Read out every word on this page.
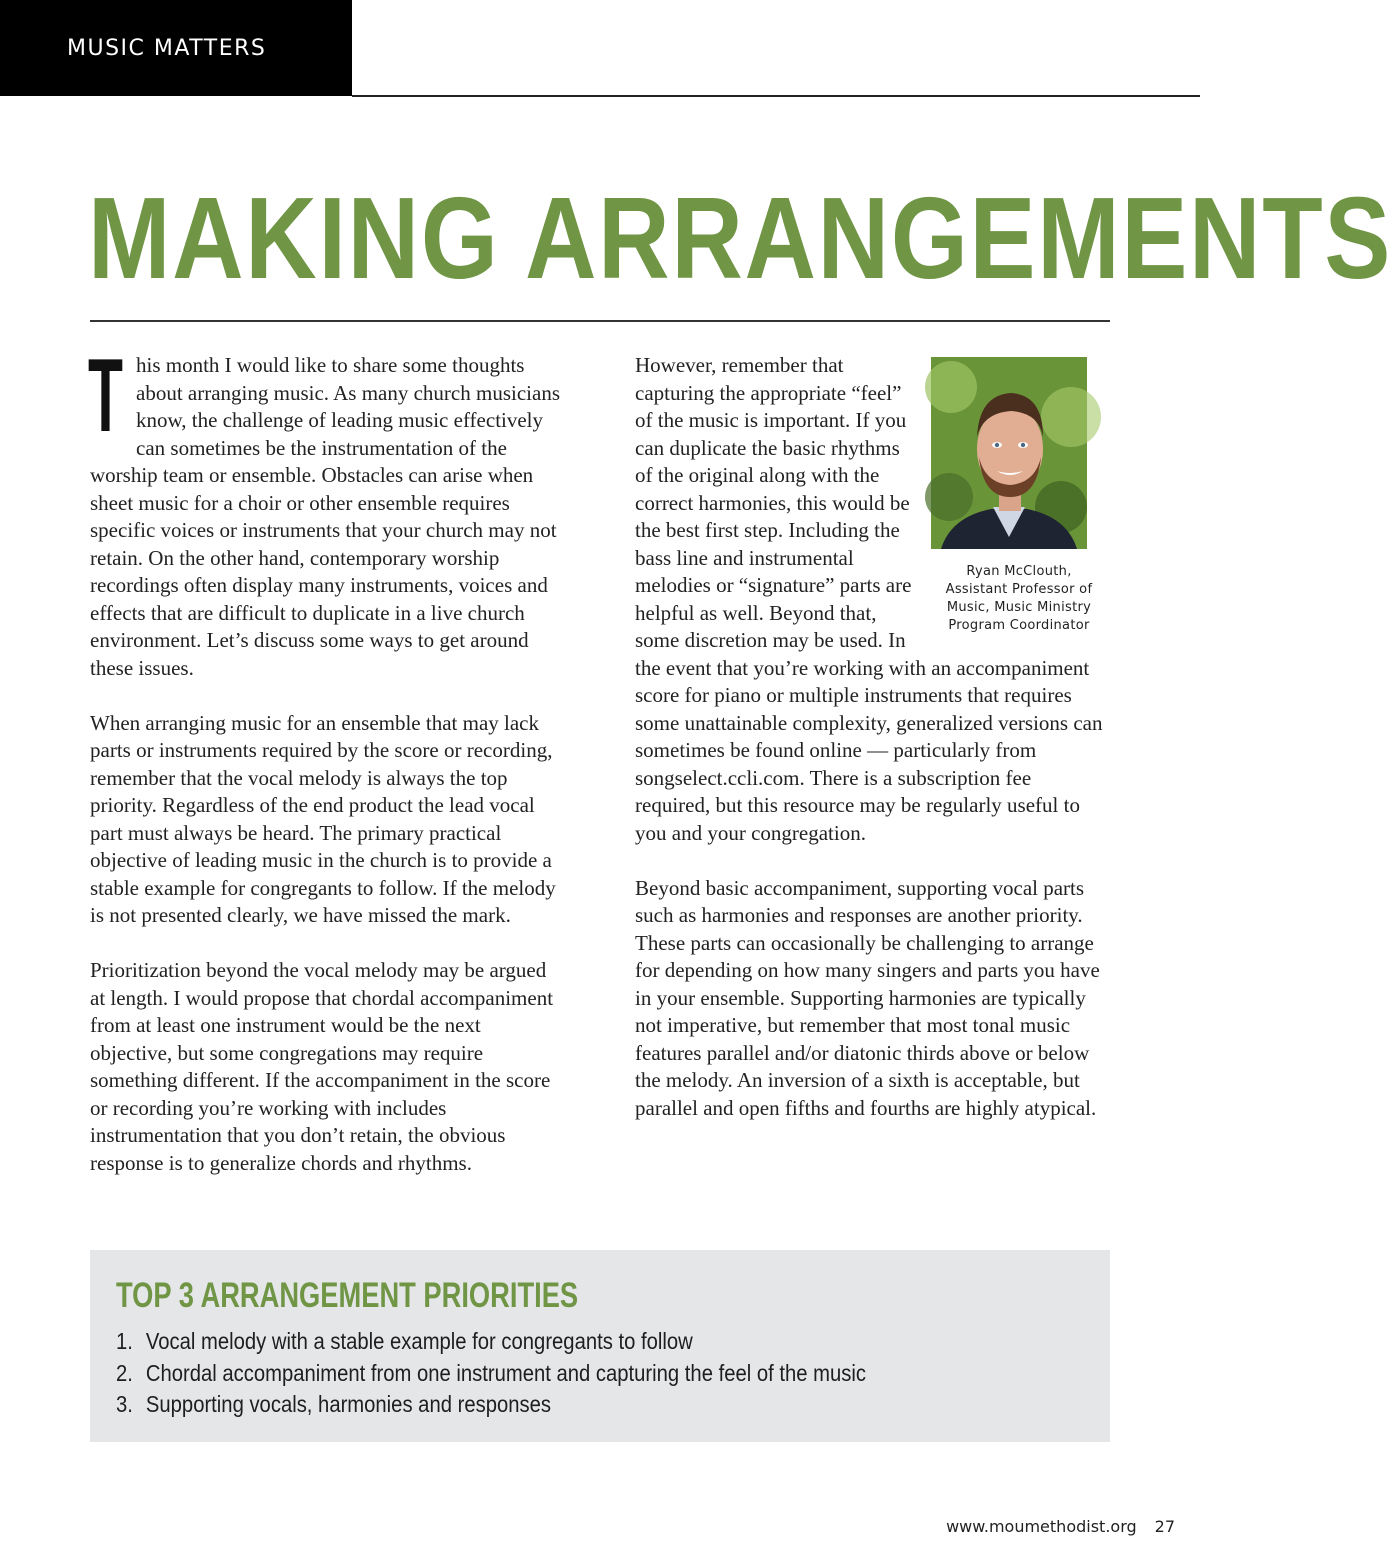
MUSIC MATTERS
MAKING ARRANGEMENTS

This month I would like to share some thoughts about arranging music. As many church musicians know, the challenge of leading music effectively can sometimes be the instrumentation of the worship team or ensemble. Obstacles can arise when sheet music for a choir or other ensemble requires specific voices or instruments that your church may not retain. On the other hand, contemporary worship recordings often display many instruments, voices and effects that are difficult to duplicate in a live church environment. Let’s discuss some ways to get around these issues.

When arranging music for an ensemble that may lack parts or instruments required by the score or recording, remember that the vocal melody is always the top priority. Regardless of the end product the lead vocal part must always be heard. The primary practical objective of leading music in the church is to provide a stable example for congregants to follow. If the melody is not presented clearly, we have missed the mark.

Prioritization beyond the vocal melody may be argued at length. I would propose that chordal accompaniment from at least one instrument would be the next objective, but some congregations may require something different. If the accompaniment in the score or recording you’re working with includes instrumentation that you don’t retain, the obvious response is to generalize chords and rhythms.

Ryan McClouth,
Assistant Professor of
Music, Music Ministry
Program Coordinator

However, remember that capturing the appropriate “feel” of the music is important. If you can duplicate the basic rhythms of the original along with the correct harmonies, this would be the best first step. Including the bass line and instrumental melodies or “signature” parts are helpful as well. Beyond that, some discretion may be used. In the event that you’re working with an accompaniment score for piano or multiple instruments that requires some unattainable complexity, generalized versions can sometimes be found online — particularly from songselect.ccli.com. There is a subscription fee required, but this resource may be regularly useful to you and your congregation.

Beyond basic accompaniment, supporting vocal parts such as harmonies and responses are another priority. These parts can occasionally be challenging to arrange for depending on how many singers and parts you have in your ensemble. Supporting harmonies are typically not imperative, but remember that most tonal music features parallel and/or diatonic thirds above or below the melody. An inversion of a sixth is acceptable, but parallel and open fifths and fourths are highly atypical.

TOP 3 ARRANGEMENT PRIORITIES
1. Vocal melody with a stable example for congregants to follow
2. Chordal accompaniment from one instrument and capturing the feel of the music
3. Supporting vocals, harmonies and responses
www.moumethodist.org 27
